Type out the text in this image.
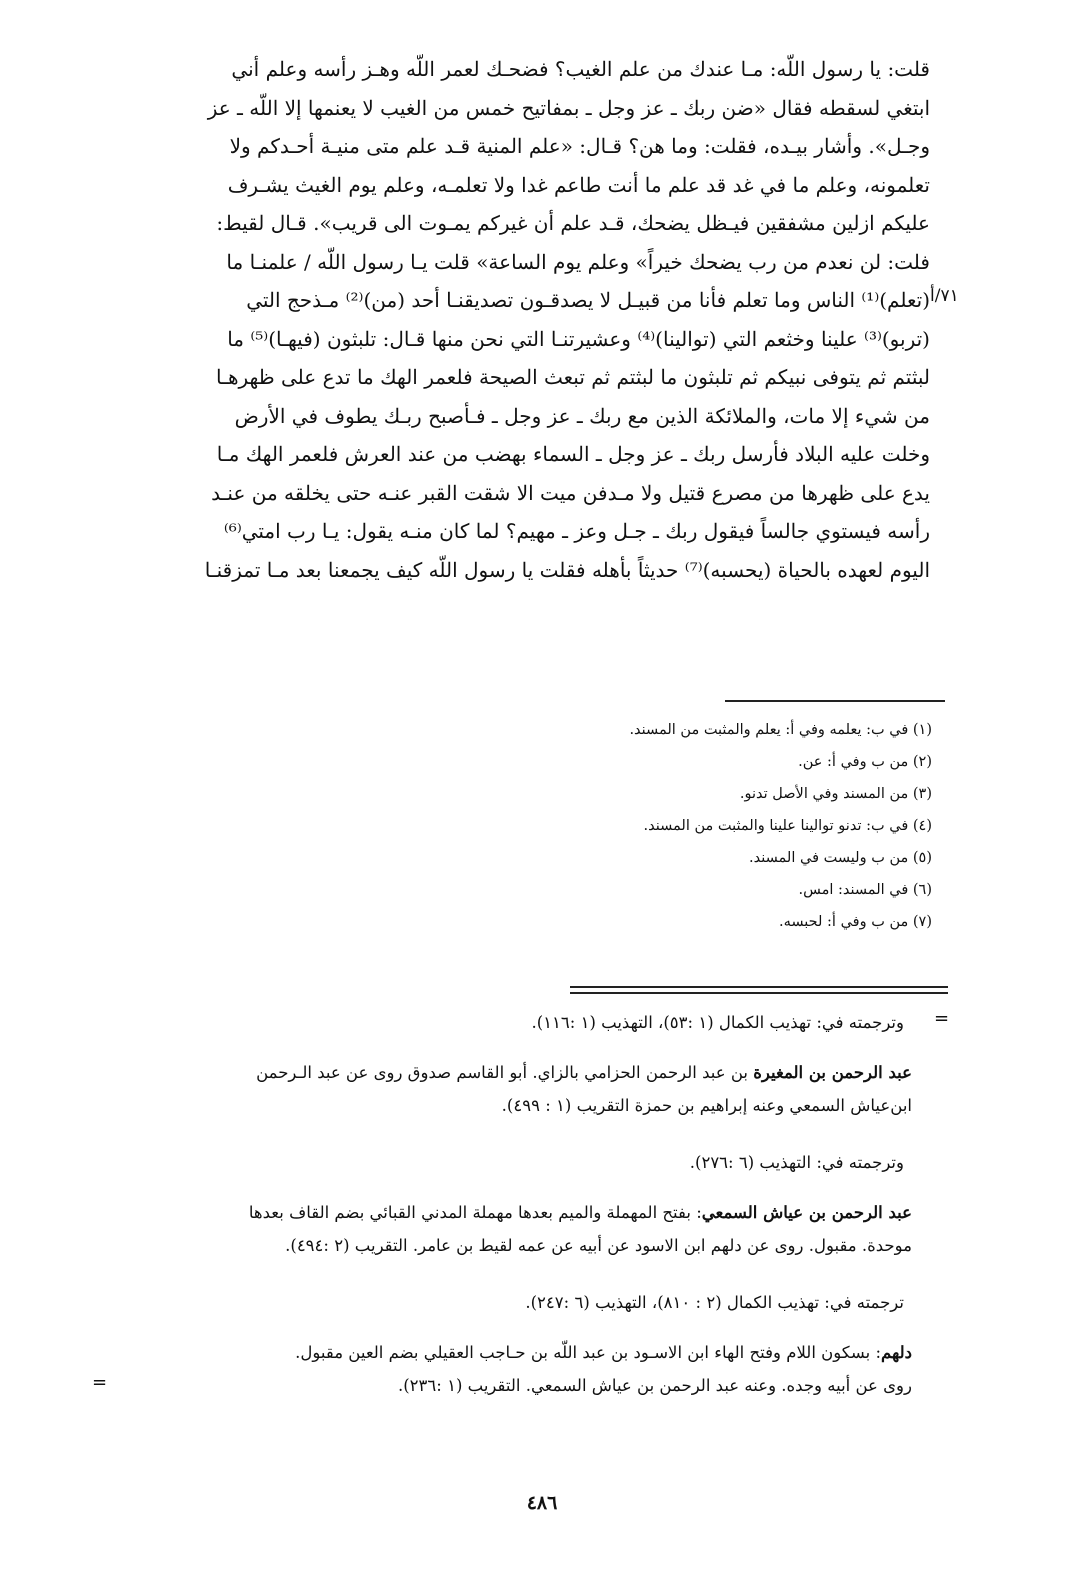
قلت: يا رسول اللّه: مـا عندك من علم الغيب؟ فضحـك لعمر اللّه وهـز رأسه وعلم أني
ابتغي لسقطه فقال «ضن ربك ـ عز وجل ـ بمفاتيح خمس من الغيب لا يعنمها إلا اللّه ـ عز
وجـل». وأشار بيـده، فقلت: وما هن؟ قـال: «علم المنية قـد علم متى منيـة أحـدكم ولا
تعلمونه، وعلم ما في غد قد علم ما أنت طاعم غدا ولا تعلمـه، وعلم يوم الغيث يشـرف
عليكم ازلين مشفقين فيـظل يضحك، قـد علم أن غيركم يمـوت الى قريب». قـال لقيط:
فلت: لن نعدم من رب يضحك خيراً» وعلم يوم الساعة» قلت يـا رسول اللّه / علمنـا ما
(تعلم)⁽¹⁾ الناس وما تعلم فأنا من قبيـل لا يصدقـون تصديقنـا أحد (من)⁽²⁾ مـذحج التي
(تربو)⁽³⁾ علينا وخثعم التي (توالينا)⁽⁴⁾ وعشيرتنـا التي نحن منها قـال: تلبثون (فيهـا)⁽⁵⁾ ما
لبثتم ثم يتوفى نبيكم ثم تلبثون ما لبثتم ثم تبعث الصيحة فلعمر الهك ما تدع على ظهرهـا
من شيء إلا مات، والملائكة الذين مع ربك ـ عز وجل ـ فـأصبح ربـك يطوف في الأرض
وخلت عليه البلاد فأرسل ربك ـ عز وجل ـ السماء بهضب من عند العرش فلعمر الهك مـا
يدع على ظهرها من مصرع قتيل ولا مـدفن ميت الا شقت القبر عنـه حتى يخلقه من عنـد
رأسه فيستوي جالساً فيقول ربك ـ جـل وعز ـ مهيم؟ لما كان منـه يقول: يـا رب امتي⁽⁶⁾
اليوم لعهده بالحياة (يحسبه)⁽⁷⁾ حديثاً بأهله فقلت يا رسول اللّه كيف يجمعنا بعد مـا تمزقنـا
٧١/أ
(١) في ب: يعلمه وفي أ: يعلم والمثبت من المسند.
(٢) من ب وفي أ: عن.
(٣) من المسند وفي الأصل تدنو.
(٤) في ب: تدنو توالينا علينا والمثبت من المسند.
(٥) من ب وليست في المسند.
(٦) في المسند: امس.
(٧) من ب وفي أ: لحبسه.
=
وترجمته في: تهذيب الكمال (١ :٥٣)، التهذيب (١ :١١٦).
عبد الرحمن بن المغيرة بن عبد الرحمن الحزامي بالزاي. أبو القاسم صدوق روى عن عبد الـرحمن
ابن‌عياش السمعي وعنه إبراهيم بن حمزة التقريب (١ : ٤٩٩).
وترجمته في: التهذيب (٦ :٢٧٦).
عبد الرحمن بن عياش السمعي: بفتح المهملة والميم بعدها مهملة المدني القبائي بضم القاف بعدها
موحدة. مقبول. روى عن دلهم ابن الاسود عن أبيه عن عمه لقيط بن عامر. التقريب (٢ :٤٩٤).
ترجمته في: تهذيب الكمال (٢ : ٨١٠)، التهذيب (٦ :٢٤٧).
دلهم: بسكون اللام وفتح الهاء ابن الاسـود بن عبد اللّه بن حـاجب العقيلي بضم العين مقبول.
روى عن أبيه وجده. وعنه عبد الرحمن بن عياش السمعي. التقريب (١ :٢٣٦).
=
٤٨٦
